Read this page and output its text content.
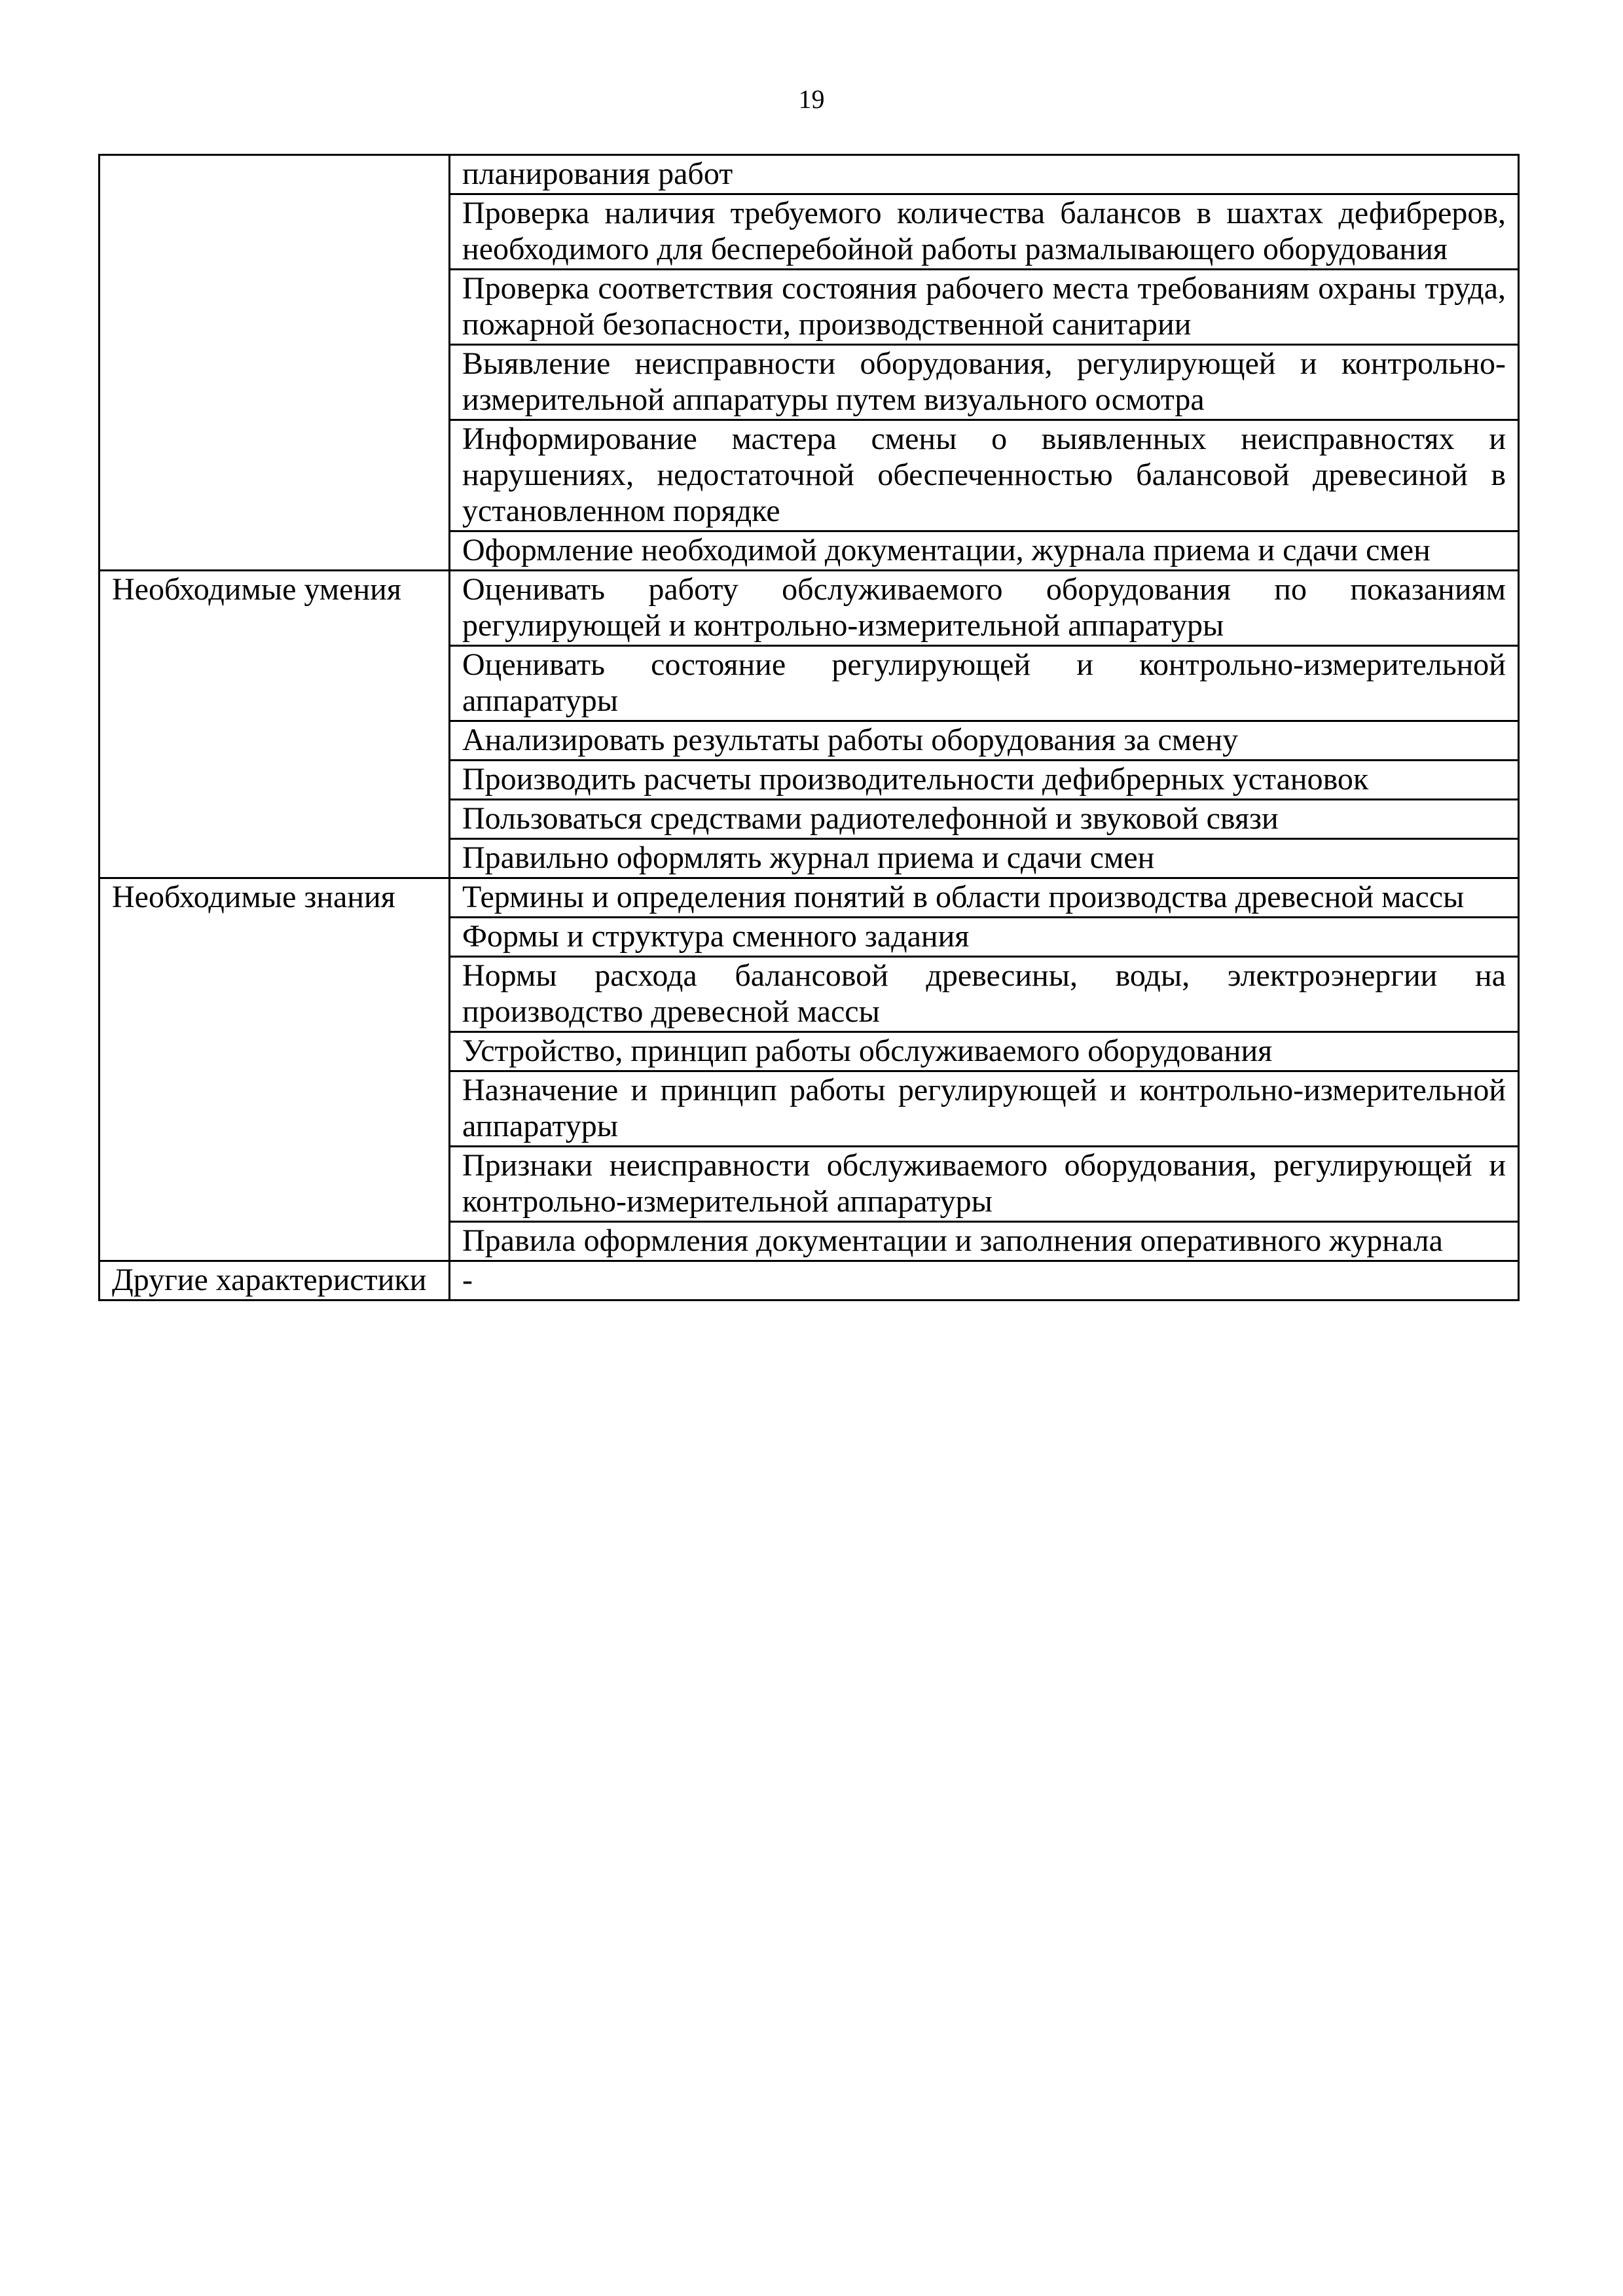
19
	планирования работ
	Проверка наличия требуемого количества балансов в шахтах дефибреров, необходимого для бесперебойной работы размалывающего оборудования
	Проверка соответствия состояния рабочего места требованиям охраны труда, пожарной безопасности, производственной санитарии
	Выявление неисправности оборудования, регулирующей и контрольно-измерительной аппаратуры путем визуального осмотра
	Информирование мастера смены о выявленных неисправностях и нарушениях, недостаточной обеспеченностью балансовой древесиной в установленном порядке
	Оформление необходимой документации, журнала приема и сдачи смен
Необходимые умения	Оценивать работу обслуживаемого оборудования по показаниям регулирующей и контрольно-измерительной аппаратуры
	Оценивать состояние регулирующей и контрольно-измерительной аппаратуры
	Анализировать результаты работы оборудования за смену
	Производить расчеты производительности дефибрерных установок
	Пользоваться средствами радиотелефонной и звуковой связи
	Правильно оформлять журнал приема и сдачи смен
Необходимые знания	Термины и определения понятий в области производства древесной массы
	Формы и структура сменного задания
	Нормы расхода балансовой древесины, воды, электроэнергии на производство древесной массы
	Устройство, принцип работы обслуживаемого оборудования
	Назначение и принцип работы регулирующей и контрольно-измерительной аппаратуры
	Признаки неисправности обслуживаемого оборудования, регулирующей и контрольно-измерительной аппаратуры
	Правила оформления документации и заполнения оперативного журнала
Другие характеристики	-
